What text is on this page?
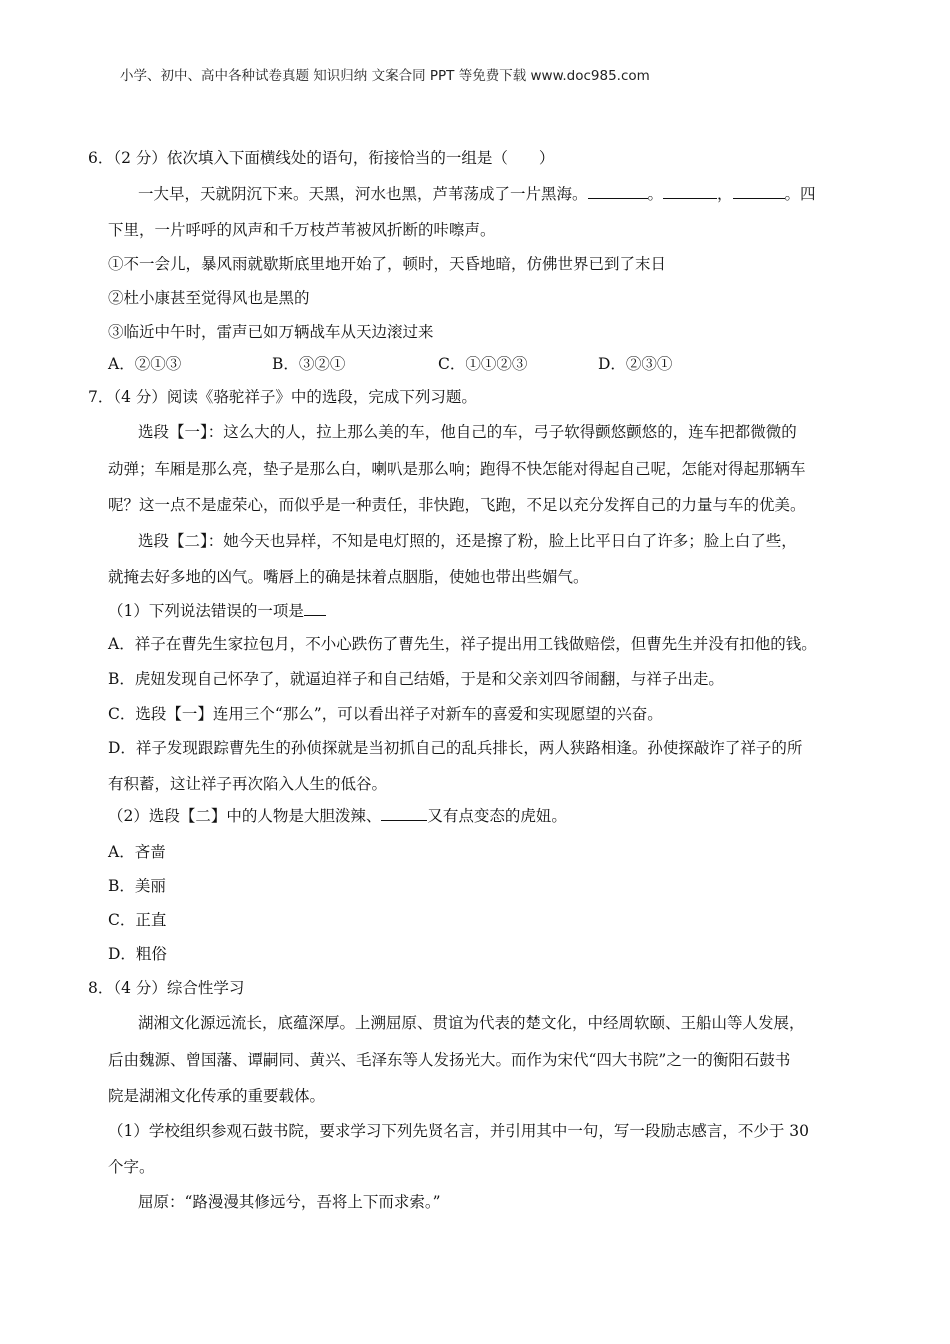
小学、初中、高中各种试卷真题 知识归纳 文案合同 PPT 等免费下载 www.doc985.com
6．（2 分）依次填入下面横线处的语句，衔接恰当的一组是（　　）
一大早，天就阴沉下来。天黑，河水也黑，芦苇荡成了一片黑海。	。	，	。四
下里，一片呼呼的风声和千万枝芦苇被风折断的咔嚓声。
①不一会儿，暴风雨就歇斯底里地开始了，顿时，天昏地暗，仿佛世界已到了末日
②杜小康甚至觉得风也是黑的
③临近中午时，雷声已如万辆战车从天边滚过来
A．②①③	B．③②①	C．①①②③	D．②③①
7．（4 分）阅读《骆驼祥子》中的选段，完成下列习题。
选段【一】：这么大的人，拉上那么美的车，他自己的车，弓子软得颤悠颤悠的，连车把都微微的
动弹；车厢是那么亮，垫子是那么白，喇叭是那么响；跑得不快怎能对得起自己呢，怎能对得起那辆车
呢？这一点不是虚荣心，而似乎是一种责任，非快跑，飞跑，不足以充分发挥自己的力量与车的优美。
选段【二】：她今天也异样，不知是电灯照的，还是擦了粉，脸上比平日白了许多；脸上白了些，
就掩去好多地的凶气。嘴唇上的确是抹着点胭脂，使她也带出些媚气。
（1）下列说法错误的一项是
A．祥子在曹先生家拉包月，不小心跌伤了曹先生，祥子提出用工钱做赔偿，但曹先生并没有扣他的钱。
B．虎妞发现自己怀孕了，就逼迫祥子和自己结婚，于是和父亲刘四爷闹翻，与祥子出走。
C．选段【一】连用三个“那么”，可以看出祥子对新车的喜爱和实现愿望的兴奋。
D．祥子发现跟踪曹先生的孙侦探就是当初抓自己的乱兵排长，两人狭路相逢。孙使探敲诈了祥子的所
有积蓄，这让祥子再次陷入人生的低谷。
（2）选段【二】中的人物是大胆泼辣、	又有点变态的虎妞。
A．吝啬
B．美丽
C．正直
D．粗俗
8．（4 分）综合性学习
湖湘文化源远流长，底蕴深厚。上溯屈原、贯谊为代表的楚文化，中经周软颐、王船山等人发展，
后由魏源、曾国藩、谭嗣同、黄兴、毛泽东等人发扬光大。而作为宋代“四大书院”之一的衡阳石鼓书
院是湖湘文化传承的重要载体。
（1）学校组织参观石鼓书院，要求学习下列先贤名言，并引用其中一句，写一段励志感言，不少于 30
个字。
屈原：“路漫漫其修远兮，吾将上下而求索。”
